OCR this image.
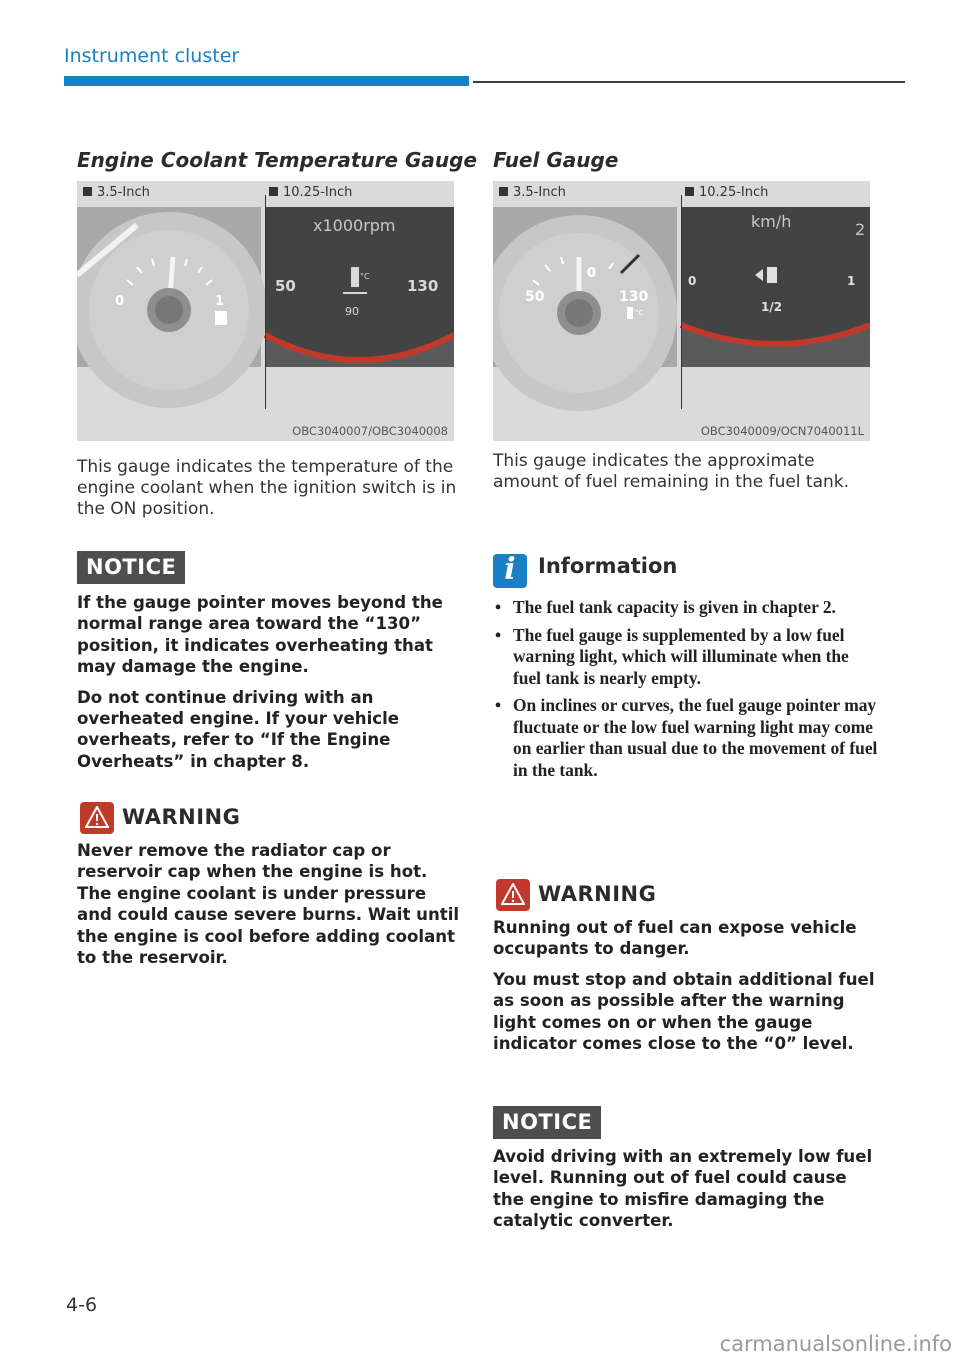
Instrument cluster
Engine Coolant Temperature Gauge
3.5-Inch	10.25-Inch
0	1
x1000rpm
50
90
130
°C
OBC3040007/OBC3040008
This gauge indicates the temperature of the engine coolant when the ignition switch is in the ON position.
NOTICE

If the gauge pointer moves beyond the normal range area toward the “130” position, it indicates overheating that may damage the engine.

Do not continue driving with an overheated engine. If your vehicle overheats, refer to “If the Engine Overheats” in chapter 8.

WARNING
Never remove the radiator cap or reservoir cap when the engine is hot. The engine coolant is under pressure and could cause severe burns. Wait until the engine is cool before adding coolant to the reservoir.
Fuel Gauge
3.5-Inch	10.25-Inch
50	130
0
°C
km/h	2
0
1/2
1
OBC3040009/OCN7040011L
This gauge indicates the approximate amount of fuel remaining in the fuel tank.
i	Information
• The fuel tank capacity is given in chapter 2.
• The fuel gauge is supplemented by a low fuel warning light, which will illuminate when the fuel tank is nearly empty.
• On inclines or curves, the fuel gauge pointer may fluctuate or the low fuel warning light may come on earlier than usual due to the movement of fuel in the tank.
WARNING

Running out of fuel can expose vehicle occupants to danger.

You must stop and obtain additional fuel as soon as possible after the warning light comes on or when the gauge indicator comes close to the “0” level.

NOTICE
Avoid driving with an extremely low fuel level. Running out of fuel could cause the engine to misfire damaging the catalytic converter.
4-6
carmanualsonline.info
